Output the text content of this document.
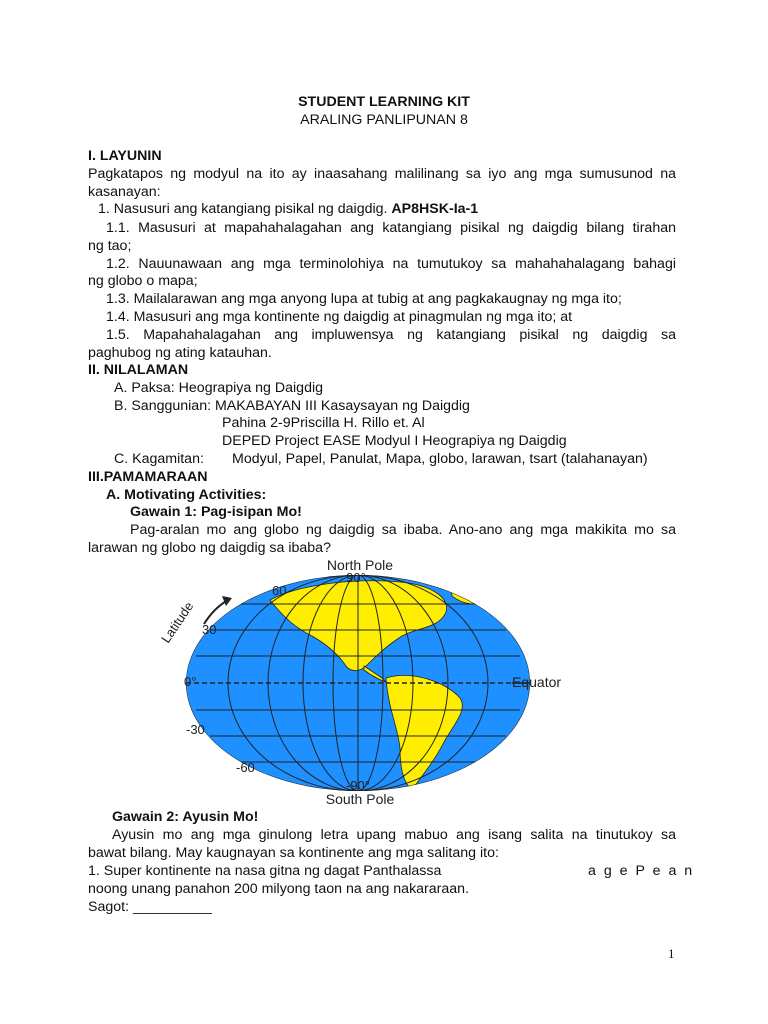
STUDENT LEARNING KIT
ARALING PANLIPUNAN 8
I. LAYUNIN
Pagkatapos ng modyul na ito ay inaasahang malilinang sa iyo ang mga sumusunod na
kasanayan:
1. Nasusuri ang katangiang pisikal ng daigdig. AP8HSK-Ia-1
1.1. Masusuri at mapahahalagahan ang katangiang pisikal ng daigdig bilang tirahan
ng tao;
1.2. Nauunawaan ang mga terminolohiya na tumutukoy sa mahahahalagang bahagi
ng globo o mapa;
1.3. Mailalarawan ang mga anyong lupa at tubig at ang pagkakaugnay ng mga ito;
1.4. Masusuri ang mga kontinente ng daigdig at pinagmulan ng mga ito; at
1.5. Mapahahalagahan ang impluwensya ng katangiang pisikal ng daigdig sa
paghubog ng ating katauhan.
II. NILALAMAN
A. Paksa: Heograpiya ng Daigdig
B. Sanggunian: MAKABAYAN III Kasaysayan ng Daigdig
Pahina 2-9Priscilla H. Rillo et. Al
DEPED Project EASE Modyul I Heograpiya ng Daigdig
C. Kagamitan: Modyul, Papel, Panulat, Mapa, globo, larawan, tsart (talahanayan)
III.PAMAMARAAN
A. Motivating Activities:
Gawain 1: Pag-isipan Mo!
Pag-aralan mo ang globo ng daigdig sa ibaba. Ano-ano ang mga makikita mo sa
larawan ng globo ng daigdig sa ibaba?
North Pole
90°
60
30
0°
-30
-60
-90°
South Pole
Equator
Latitude
Gawain 2: Ayusin Mo!
Ayusin mo ang mga ginulong letra upang mabuo ang isang salita na tinutukoy sa
bawat bilang. May kaugnayan sa kontinente ang mga salitang ito:
1. Super kontinente na nasa gitna ng dagat Panthalassa	a g e P e a n
noong unang panahon 200 milyong taon na ang nakararaan.
Sagot: __________
1
